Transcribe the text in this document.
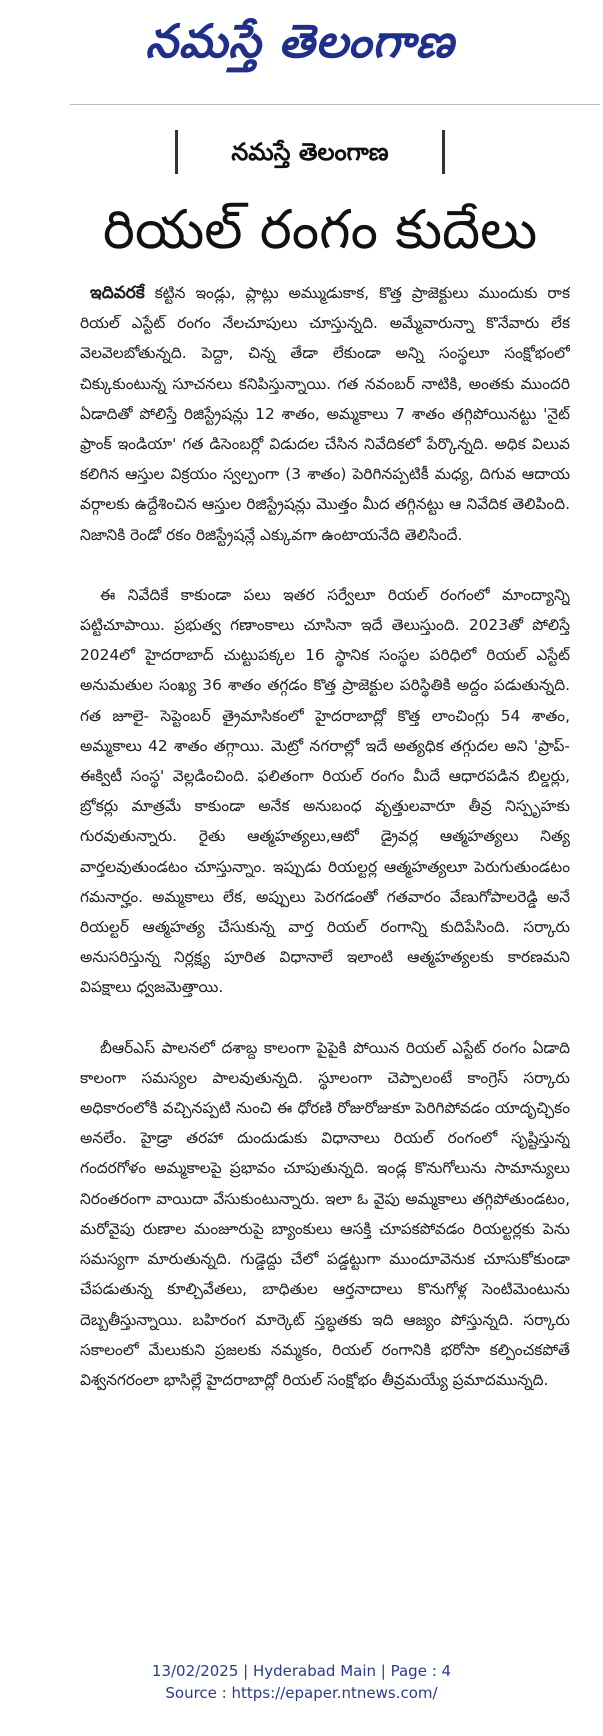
నమస్తే తెలంగాణ
నమస్తే తెలంగాణ
రియల్ రంగం కుదేలు

ఇదివరకే కట్టిన ఇండ్లు, ప్లాట్లు అమ్ముడుకాక, కొత్త ప్రాజెక్టులు ముందుకు రాక రియల్ ఎస్టేట్ రంగం నేలచూపులు చూస్తున్నది. అమ్మేవారున్నా కొనేవారు లేక వెలవెలబోతున్నది. పెద్దా, చిన్న తేడా లేకుండా అన్ని సంస్థలూ సంక్షోభంలో చిక్కుకుంటున్న సూచనలు కనిపిస్తున్నాయి. గత నవంబర్ నాటికి, అంతకు ముందరి ఏడాదితో పోలిస్తే రిజిస్ట్రేషన్లు 12 శాతం, అమ్మకాలు 7 శాతం తగ్గిపోయినట్టు 'నైట్ ఫ్రాంక్ ఇండియా' గత డిసెంబర్లో విడుదల చేసిన నివేదికలో పేర్కొన్నది. అధిక విలువ కలిగిన ఆస్తుల విక్రయం స్వల్పంగా (3 శాతం) పెరిగినప్పటికీ మధ్య, దిగువ ఆదాయ వర్గాలకు ఉద్దేశించిన ఆస్తుల రిజిస్ట్రేషన్లు మొత్తం మీద తగ్గినట్టు ఆ నివేదిక తెలిపింది. నిజానికి రెండో రకం రిజిస్ట్రేషన్లే ఎక్కువగా ఉంటాయనేది తెలిసిందే.

ఈ నివేదికే కాకుండా పలు ఇతర సర్వేలూ రియల్ రంగంలో మాంద్యాన్ని పట్టిచూపాయి. ప్రభుత్వ గణాంకాలు చూసినా ఇదే తెలుస్తుంది. 2023తో పోలిస్తే 2024లో హైదరాబాద్ చుట్టుపక్కల 16 స్థానిక సంస్థల పరిధిలో రియల్ ఎస్టేట్ అనుమతుల సంఖ్య 36 శాతం తగ్గడం కొత్త ప్రాజెక్టుల పరిస్థితికి అద్దం పడుతున్నది. గత జూలై- సెప్టెంబర్ త్రైమాసికంలో హైదరాబాద్లో కొత్త లాంచింగ్లు 54 శాతం, అమ్మకాలు 42 శాతం తగ్గాయి. మెట్రో నగరాల్లో ఇదే అత్యధిక తగ్గుదల అని 'ప్రాప్-ఈక్విటీ సంస్థ' వెల్లడించింది. ఫలితంగా రియల్ రంగం మీదే ఆధారపడిన బిల్డర్లు, బ్రోకర్లు మాత్రమే కాకుండా అనేక అనుబంధ వృత్తులవారూ తీవ్ర నిస్పృహకు గురవుతున్నారు. రైతు ఆత్మహత్యలు,ఆటో డ్రైవర్ల ఆత్మహత్యలు నిత్య వార్తలవుతుండటం చూస్తున్నాం. ఇప్పుడు రియల్టర్ల ఆత్మహత్యలూ పెరుగుతుండటం గమనార్హం. అమ్మకాలు లేక, అప్పులు పెరగడంతో గతవారం వేణుగోపాలరెడ్డి అనే రియల్టర్ ఆత్మహత్య చేసుకున్న వార్త రియల్ రంగాన్ని కుదిపేసింది. సర్కారు అనుసరిస్తున్న నిర్లక్ష్య పూరిత విధానాలే ఇలాంటి ఆత్మహత్యలకు కారణమని విపక్షాలు ధ్వజమెత్తాయి.

బీఆర్ఎస్ పాలనలో దశాబ్ద కాలంగా పైపైకి పోయిన రియల్ ఎస్టేట్ రంగం ఏడాది కాలంగా సమస్యల పాలవుతున్నది. స్థూలంగా చెప్పాలంటే కాంగ్రెస్ సర్కారు అధికారంలోకి వచ్చినప్పటి నుంచి ఈ ధోరణి రోజురోజుకూ పెరిగిపోవడం యాదృచ్ఛికం అనలేం. హైడ్రా తరహా దుందుడుకు విధానాలు రియల్ రంగంలో సృష్టిస్తున్న గందరగోళం అమ్మకాలపై ప్రభావం చూపుతున్నది. ఇండ్ల కొనుగోలును సామాన్యులు నిరంతరంగా వాయిదా వేసుకుంటున్నారు. ఇలా ఓ వైపు అమ్మకాలు తగ్గిపోతుండటం, మరోవైపు రుణాల మంజూరుపై బ్యాంకులు ఆసక్తి చూపకపోవడం రియల్టర్లకు పెను సమస్యగా మారుతున్నది. గుడ్డెద్దు చేలో పడ్డట్టుగా ముందూవెనుక చూసుకోకుండా చేపడుతున్న కూల్చివేతలు, బాధితుల ఆర్తనాదాలు కొనుగోళ్ల సెంటిమెంటును దెబ్బతీస్తున్నాయి. బహిరంగ మార్కెట్ స్తబ్ధతకు ఇది ఆజ్యం పోస్తున్నది. సర్కారు సకాలంలో మేలుకుని ప్రజలకు నమ్మకం, రియల్ రంగానికి భరోసా కల్పించకపోతే విశ్వనగరంలా భాసిల్లే హైదరాబాద్లో రియల్ సంక్షోభం తీవ్రమయ్యే ప్రమాదమున్నది.

13/02/2025 | Hyderabad Main | Page : 4
Source : https://epaper.ntnews.com/
